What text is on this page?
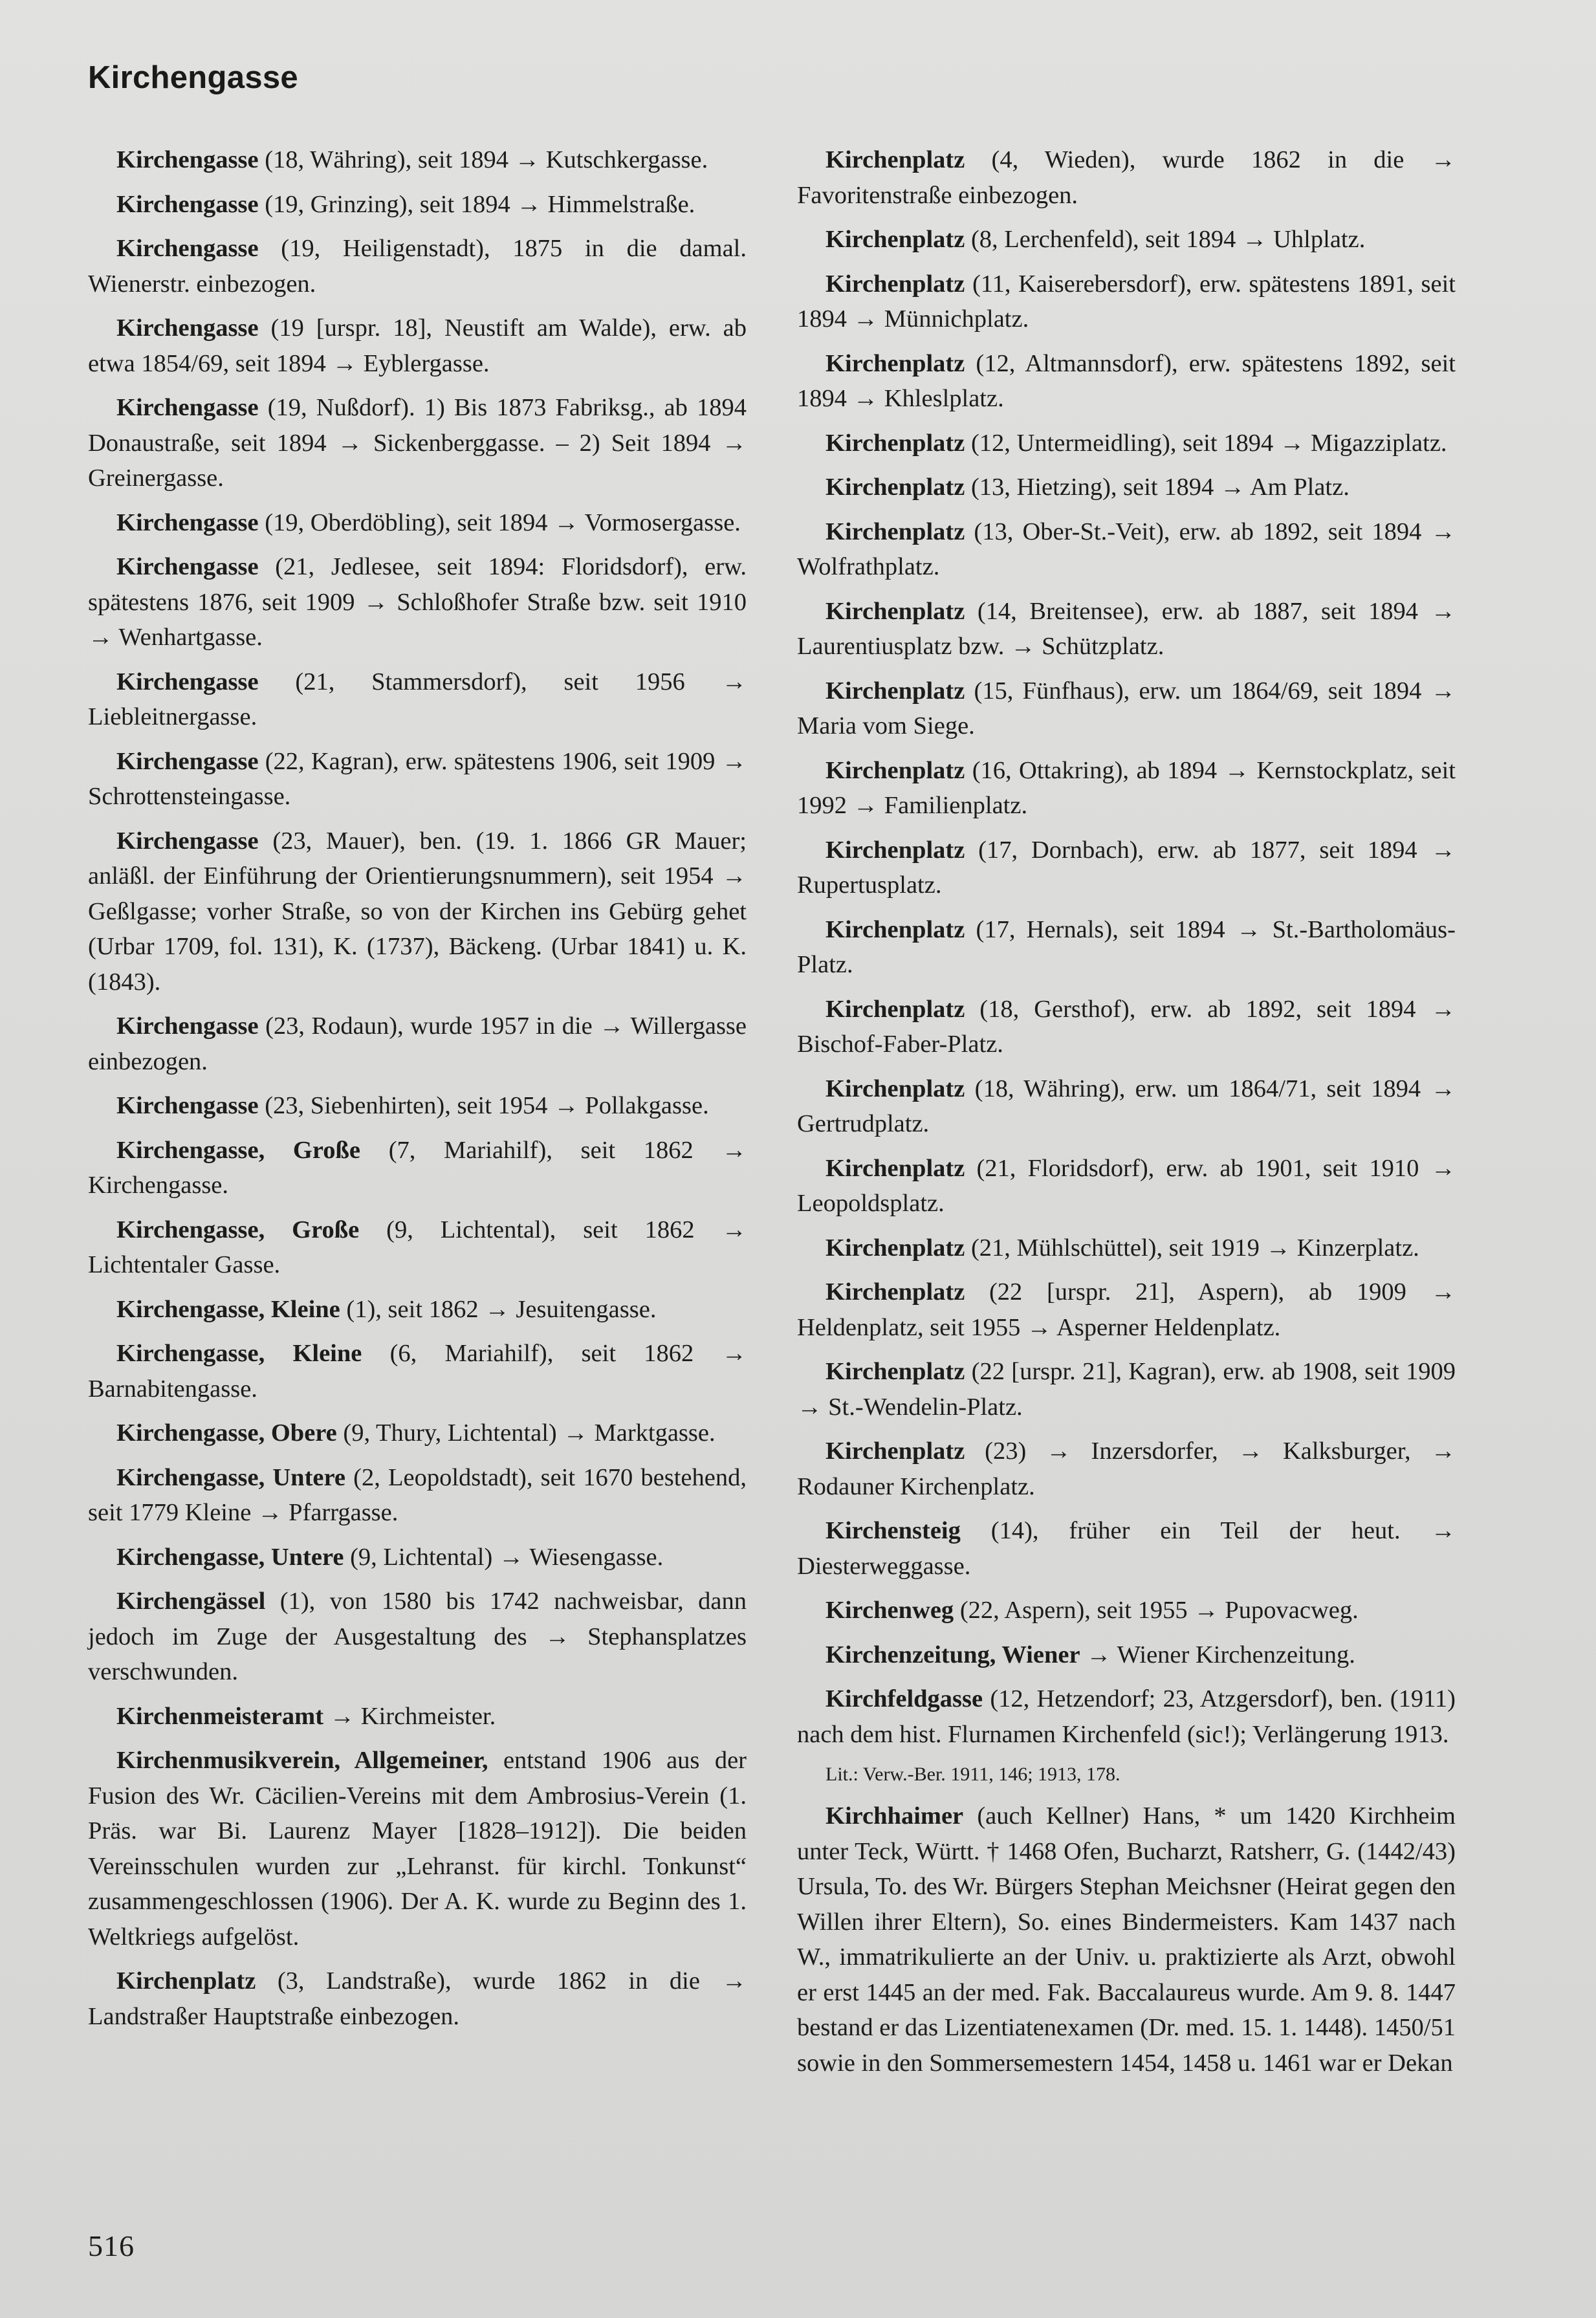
Kirchengasse

Kirchengasse (18, Währing), seit 1894 → Kutschkergasse.

Kirchengasse (19, Grinzing), seit 1894 → Himmelstraße.

Kirchengasse (19, Heiligenstadt), 1875 in die damal. Wienerstr. einbezogen.

Kirchengasse (19 [urspr. 18], Neustift am Walde), erw. ab etwa 1854/69, seit 1894 → Eyblergasse.

Kirchengasse (19, Nußdorf). 1) Bis 1873 Fabriksg., ab 1894 Donaustraße, seit 1894 → Sickenberggasse. – 2) Seit 1894 → Greinergasse.

Kirchengasse (19, Oberdöbling), seit 1894 → Vormosergasse.

Kirchengasse (21, Jedlesee, seit 1894: Floridsdorf), erw. spätestens 1876, seit 1909 → Schloßhofer Straße bzw. seit 1910 → Wenhartgasse.

Kirchengasse (21, Stammersdorf), seit 1956 → Liebleitnergasse.

Kirchengasse (22, Kagran), erw. spätestens 1906, seit 1909 → Schrottensteingasse.

Kirchengasse (23, Mauer), ben. (19. 1. 1866 GR Mauer; anläßl. der Einführung der Orientierungsnummern), seit 1954 → Geßlgasse; vorher Straße, so von der Kirchen ins Gebürg gehet (Urbar 1709, fol. 131), K. (1737), Bäckeng. (Urbar 1841) u. K. (1843).

Kirchengasse (23, Rodaun), wurde 1957 in die → Willergasse einbezogen.

Kirchengasse (23, Siebenhirten), seit 1954 → Pollakgasse.

Kirchengasse, Große (7, Mariahilf), seit 1862 → Kirchengasse.

Kirchengasse, Große (9, Lichtental), seit 1862 → Lichtentaler Gasse.

Kirchengasse, Kleine (1), seit 1862 → Jesuitengasse.

Kirchengasse, Kleine (6, Mariahilf), seit 1862 → Barnabitengasse.

Kirchengasse, Obere (9, Thury, Lichtental) → Marktgasse.

Kirchengasse, Untere (2, Leopoldstadt), seit 1670 bestehend, seit 1779 Kleine → Pfarrgasse.

Kirchengasse, Untere (9, Lichtental) → Wiesengasse.

Kirchengässel (1), von 1580 bis 1742 nachweisbar, dann jedoch im Zuge der Ausgestaltung des → Stephansplatzes verschwunden.

Kirchenmeisteramt → Kirchmeister.

Kirchenmusikverein, Allgemeiner, entstand 1906 aus der Fusion des Wr. Cäcilien-Vereins mit dem Ambrosius-Verein (1. Präs. war Bi. Laurenz Mayer [1828–1912]). Die beiden Vereinsschulen wurden zur „Lehranst. für kirchl. Tonkunst“ zusammengeschlossen (1906). Der A. K. wurde zu Beginn des 1. Weltkriegs aufgelöst.

Kirchenplatz (3, Landstraße), wurde 1862 in die → Landstraßer Hauptstraße einbezogen.

Kirchenplatz (4, Wieden), wurde 1862 in die → Favoritenstraße einbezogen.

Kirchenplatz (8, Lerchenfeld), seit 1894 → Uhlplatz.

Kirchenplatz (11, Kaiserebersdorf), erw. spätestens 1891, seit 1894 → Münnichplatz.

Kirchenplatz (12, Altmannsdorf), erw. spätestens 1892, seit 1894 → Khleslplatz.

Kirchenplatz (12, Untermeidling), seit 1894 → Migazziplatz.

Kirchenplatz (13, Hietzing), seit 1894 → Am Platz.

Kirchenplatz (13, Ober-St.-Veit), erw. ab 1892, seit 1894 → Wolfrathplatz.

Kirchenplatz (14, Breitensee), erw. ab 1887, seit 1894 → Laurentiusplatz bzw. → Schützplatz.

Kirchenplatz (15, Fünfhaus), erw. um 1864/69, seit 1894 → Maria vom Siege.

Kirchenplatz (16, Ottakring), ab 1894 → Kernstockplatz, seit 1992 → Familienplatz.

Kirchenplatz (17, Dornbach), erw. ab 1877, seit 1894 → Rupertusplatz.

Kirchenplatz (17, Hernals), seit 1894 → St.-Bartholomäus-Platz.

Kirchenplatz (18, Gersthof), erw. ab 1892, seit 1894 → Bischof-Faber-Platz.

Kirchenplatz (18, Währing), erw. um 1864/71, seit 1894 → Gertrudplatz.

Kirchenplatz (21, Floridsdorf), erw. ab 1901, seit 1910 → Leopoldsplatz.

Kirchenplatz (21, Mühlschüttel), seit 1919 → Kinzerplatz.

Kirchenplatz (22 [urspr. 21], Aspern), ab 1909 → Heldenplatz, seit 1955 → Asperner Heldenplatz.

Kirchenplatz (22 [urspr. 21], Kagran), erw. ab 1908, seit 1909 → St.-Wendelin-Platz.

Kirchenplatz (23) → Inzersdorfer, → Kalksburger, → Rodauner Kirchenplatz.

Kirchensteig (14), früher ein Teil der heut. → Diesterweggasse.

Kirchenweg (22, Aspern), seit 1955 → Pupovacweg.

Kirchenzeitung, Wiener → Wiener Kirchenzeitung.

Kirchfeldgasse (12, Hetzendorf; 23, Atzgersdorf), ben. (1911) nach dem hist. Flurnamen Kirchenfeld (sic!); Verlängerung 1913.

Lit.: Verw.-Ber. 1911, 146; 1913, 178.

Kirchhaimer (auch Kellner) Hans, * um 1420 Kirchheim unter Teck, Württ. † 1468 Ofen, Bucharzt, Ratsherr, G. (1442/43) Ursula, To. des Wr. Bürgers Stephan Meichsner (Heirat gegen den Willen ihrer Eltern), So. eines Bindermeisters. Kam 1437 nach W., immatrikulierte an der Univ. u. praktizierte als Arzt, obwohl er erst 1445 an der med. Fak. Baccalaureus wurde. Am 9. 8. 1447 bestand er das Lizentiatenexamen (Dr. med. 15. 1. 1448). 1450/51 sowie in den Sommersemestern 1454, 1458 u. 1461 war er Dekan

516
